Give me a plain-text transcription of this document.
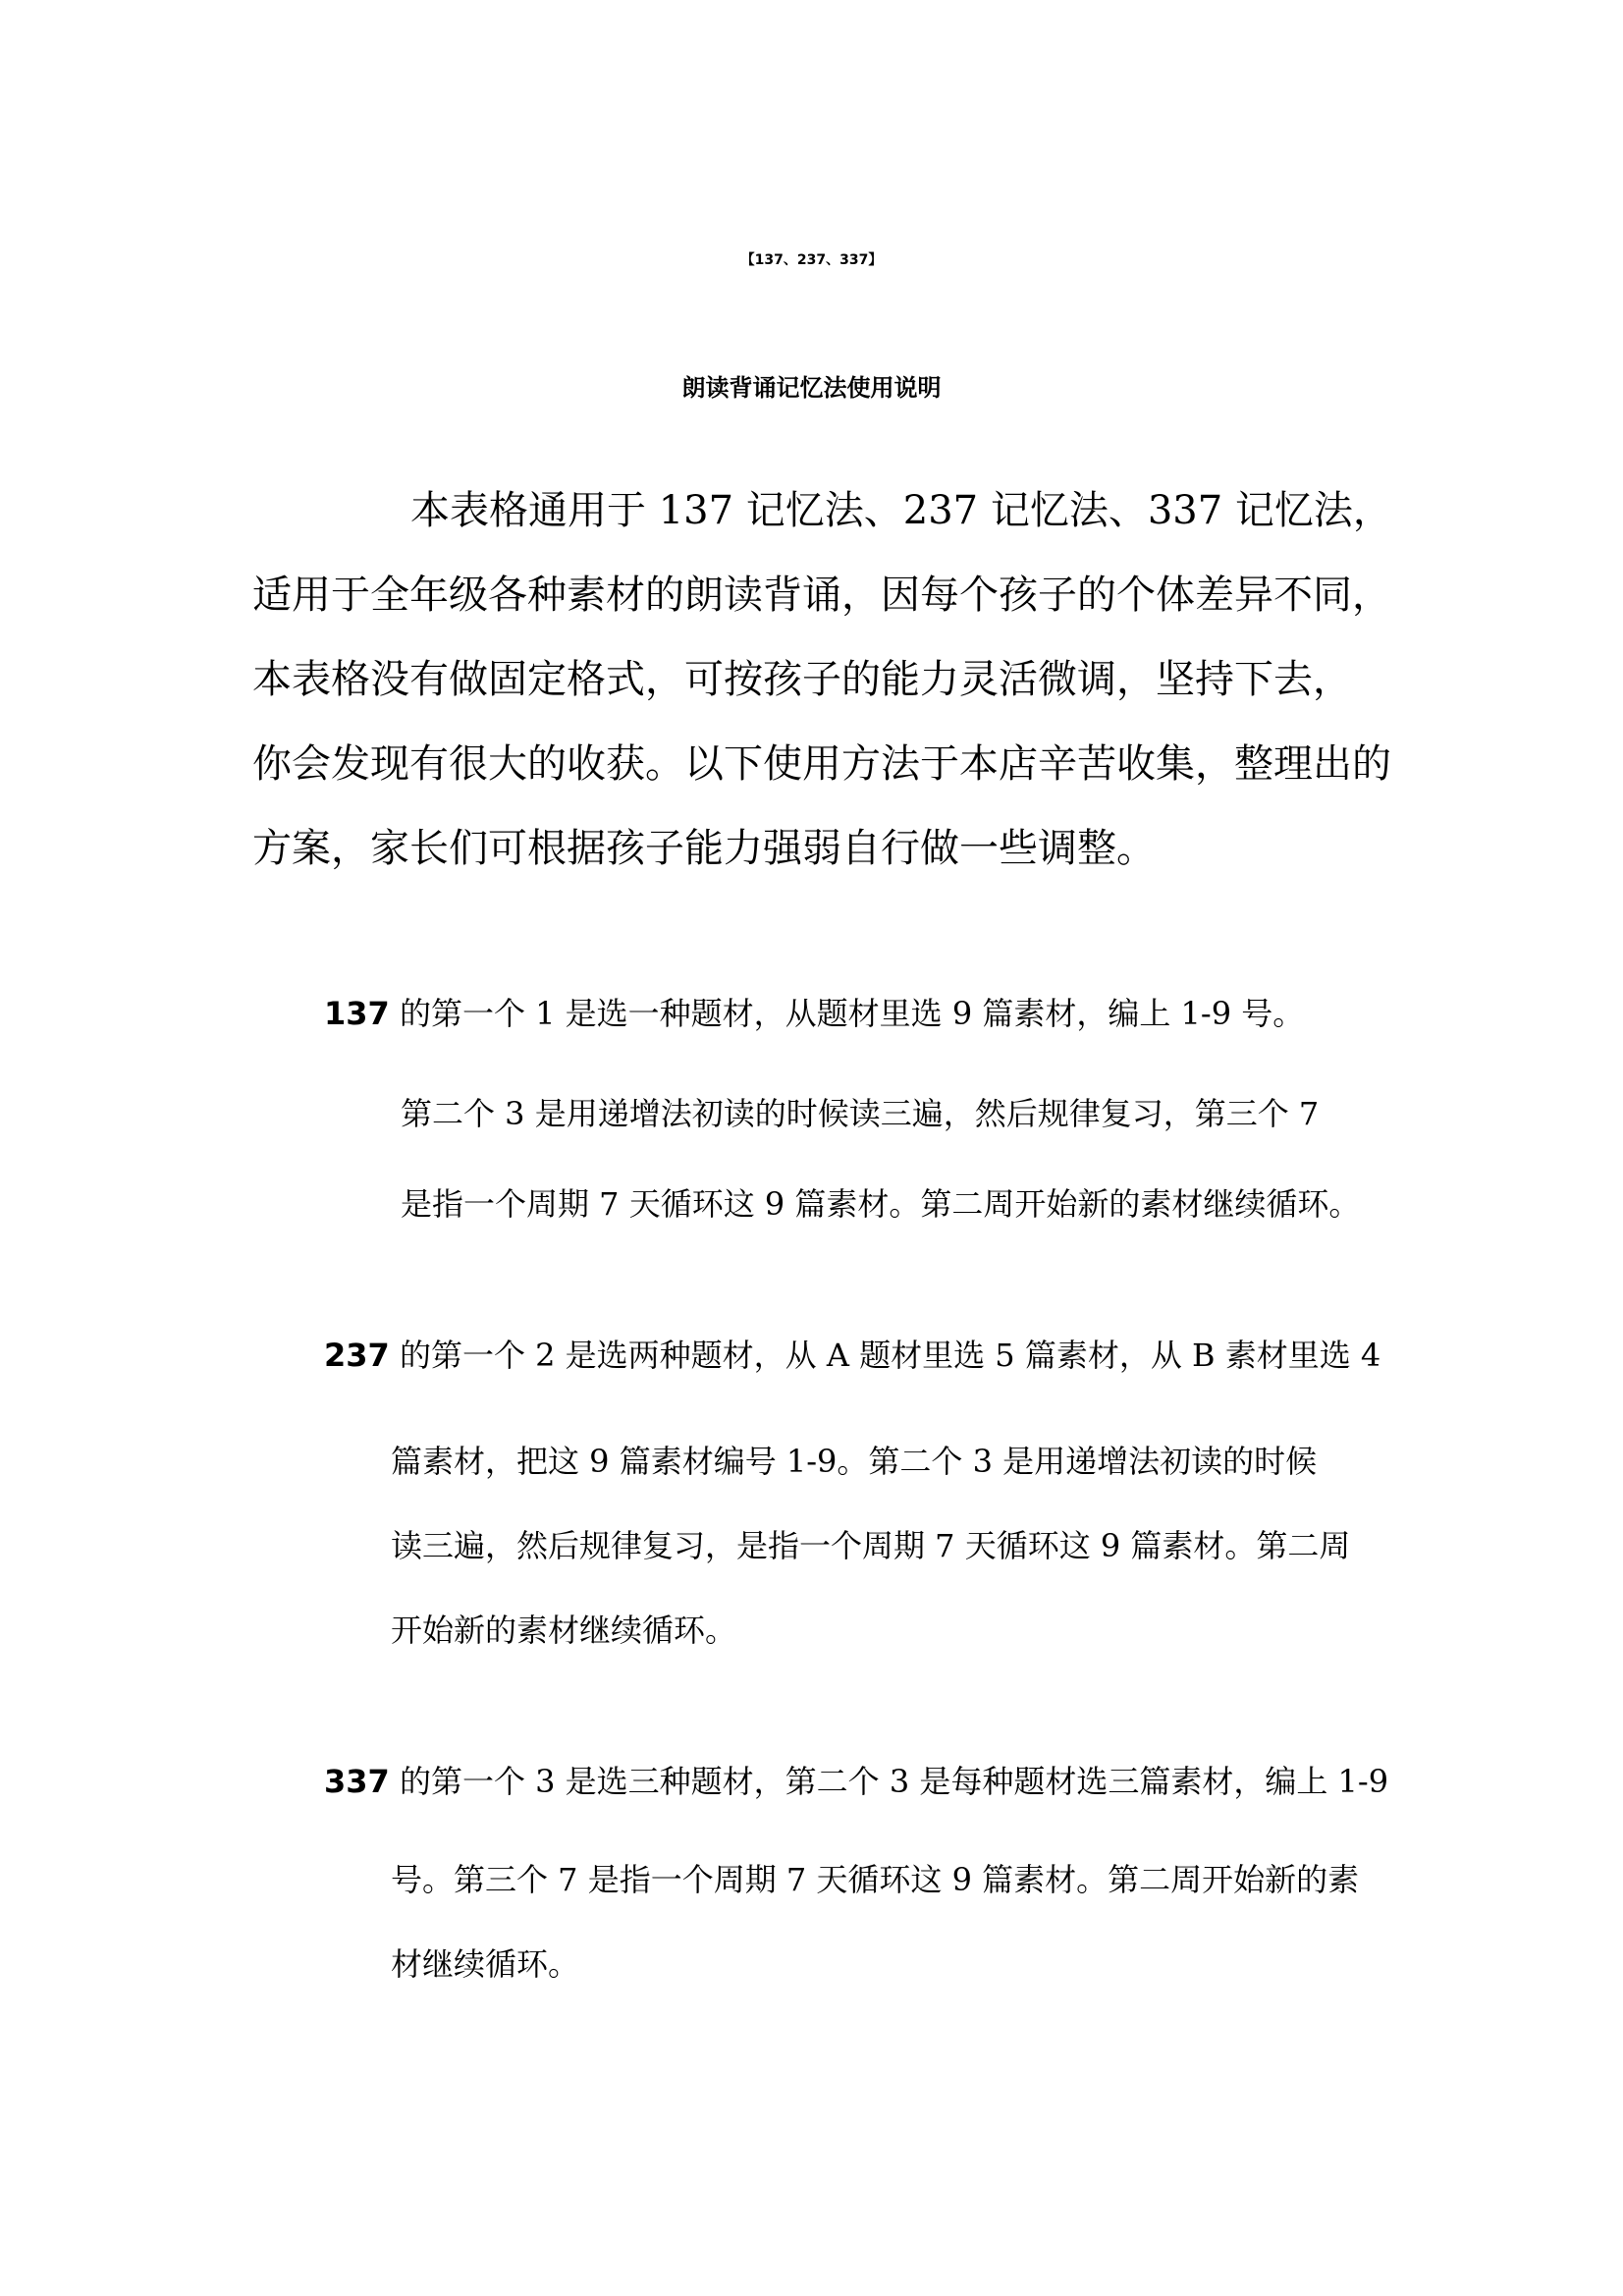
【137、237、337】
朗读背诵记忆法使用说明

本表格通用于 137 记忆法、237 记忆法、337 记忆法，

适用于全年级各种素材的朗读背诵，因每个孩子的个体差异不同，

本表格没有做固定格式，可按孩子的能力灵活微调，坚持下去，

你会发现有很大的收获。以下使用方法于本店辛苦收集，整理出的

方案，家长们可根据孩子能力强弱自行做一些调整。

137 的第一个 1 是选一种题材，从题材里选 9 篇素材，编上 1-9 号。

第二个 3 是用递增法初读的时候读三遍，然后规律复习，第三个 7

是指一个周期 7 天循环这 9 篇素材。第二周开始新的素材继续循环。

237 的第一个 2 是选两种题材，从 A 题材里选 5 篇素材，从 B 素材里选 4

篇素材，把这 9 篇素材编号 1-9。第二个 3 是用递增法初读的时候

读三遍，然后规律复习，是指一个周期 7 天循环这 9 篇素材。第二周

开始新的素材继续循环。

337 的第一个 3 是选三种题材，第二个 3 是每种题材选三篇素材，编上 1-9

号。第三个 7 是指一个周期 7 天循环这 9 篇素材。第二周开始新的素

材继续循环。
